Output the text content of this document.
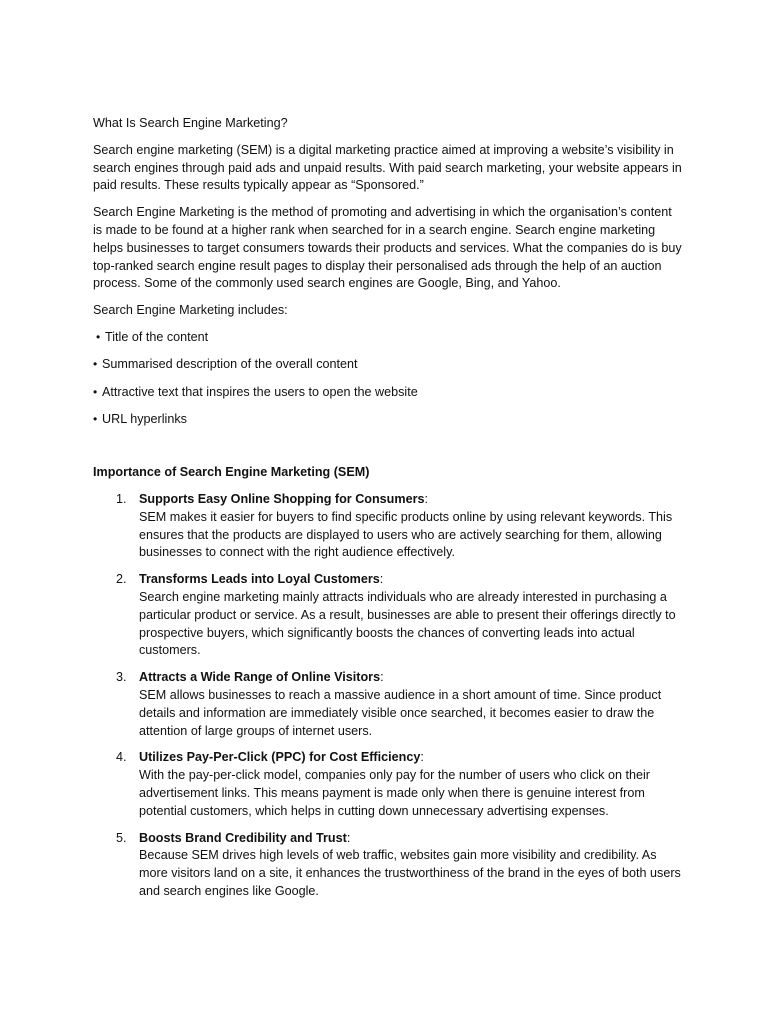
What Is Search Engine Marketing?

Search engine marketing (SEM) is a digital marketing practice aimed at improving a website’s visibility in search engines through paid ads and unpaid results. With paid search marketing, your website appears in paid results. These results typically appear as “Sponsored.”

Search Engine Marketing is the method of promoting and advertising in which the organisation’s content is made to be found at a higher rank when searched for in a search engine. Search engine marketing helps businesses to target consumers towards their products and services. What the companies do is buy top-ranked search engine result pages to display their personalised ads through the help of an auction process. Some of the commonly used search engines are Google, Bing, and Yahoo.

Search Engine Marketing includes:

• Title of the content
• Summarised description of the overall content
• Attractive text that inspires the users to open the website
• URL hyperlinks

Importance of Search Engine Marketing (SEM)

1. Supports Easy Online Shopping for Consumers:

SEM makes it easier for buyers to find specific products online by using relevant keywords. This ensures that the products are displayed to users who are actively searching for them, allowing businesses to connect with the right audience effectively.

2. Transforms Leads into Loyal Customers:

Search engine marketing mainly attracts individuals who are already interested in purchasing a particular product or service. As a result, businesses are able to present their offerings directly to prospective buyers, which significantly boosts the chances of converting leads into actual customers.

3. Attracts a Wide Range of Online Visitors:

SEM allows businesses to reach a massive audience in a short amount of time. Since product details and information are immediately visible once searched, it becomes easier to draw the attention of large groups of internet users.

4. Utilizes Pay-Per-Click (PPC) for Cost Efficiency:

With the pay-per-click model, companies only pay for the number of users who click on their advertisement links. This means payment is made only when there is genuine interest from potential customers, which helps in cutting down unnecessary advertising expenses.

5. Boosts Brand Credibility and Trust:

Because SEM drives high levels of web traffic, websites gain more visibility and credibility. As more visitors land on a site, it enhances the trustworthiness of the brand in the eyes of both users and search engines like Google.
